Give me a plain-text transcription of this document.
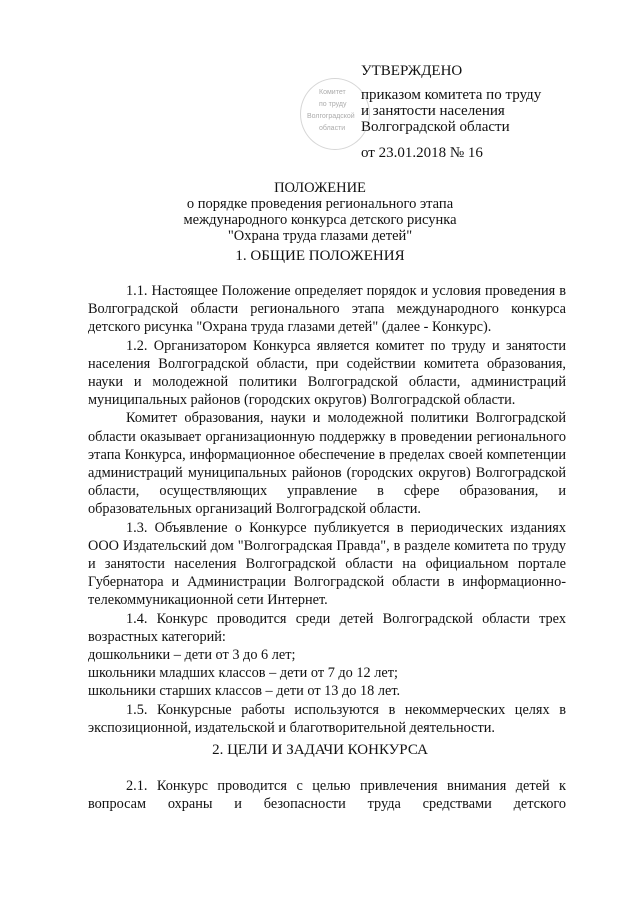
Комитет
по труду
Волгоградской
области
УТВЕРЖДЕНО
приказом комитета по труду
и занятости населения
Волгоградской области
от 23.01.2018 № 16
ПОЛОЖЕНИЕ
о порядке проведения регионального этапа
международного конкурса детского рисунка
"Охрана труда глазами детей"
1. ОБЩИЕ ПОЛОЖЕНИЯ

1.1. Настоящее Положение определяет порядок и условия проведения в Волгоградской области регионального этапа международного конкурса детского рисунка "Охрана труда глазами детей" (далее - Конкурс).

1.2. Организатором Конкурса является комитет по труду и занятости населения Волгоградской области, при содействии комитета образования, науки и молодежной политики Волгоградской области, администраций муниципальных районов (городских округов) Волгоградской области.

Комитет образования, науки и молодежной политики Волгоградской области оказывает организационную поддержку в проведении регионального этапа Конкурса, информационное обеспечение в пределах своей компетенции администраций муниципальных районов (городских округов) Волгоградской области, осуществляющих управление в сфере образования, и образовательных организаций Волгоградской области.

1.3. Объявление о Конкурсе публикуется в периодических изданиях ООО Издательский дом "Волгоградская Правда", в разделе комитета по труду и занятости населения Волгоградской области на официальном портале Губернатора и Администрации Волгоградской области в информационно-телекоммуникационной сети Интернет.

1.4. Конкурс проводится среди детей Волгоградской области трех возрастных категорий:

дошкольники – дети от 3 до 6 лет;

школьники младших классов – дети от 7 до 12 лет;

школьники старших классов – дети от 13 до 18 лет.

1.5. Конкурсные работы используются в некоммерческих целях в экспозиционной, издательской и благотворительной деятельности.

2. ЦЕЛИ И ЗАДАЧИ КОНКУРСА

2.1. Конкурс проводится с целью привлечения внимания детей к вопросам охраны и безопасности труда средствами детского
